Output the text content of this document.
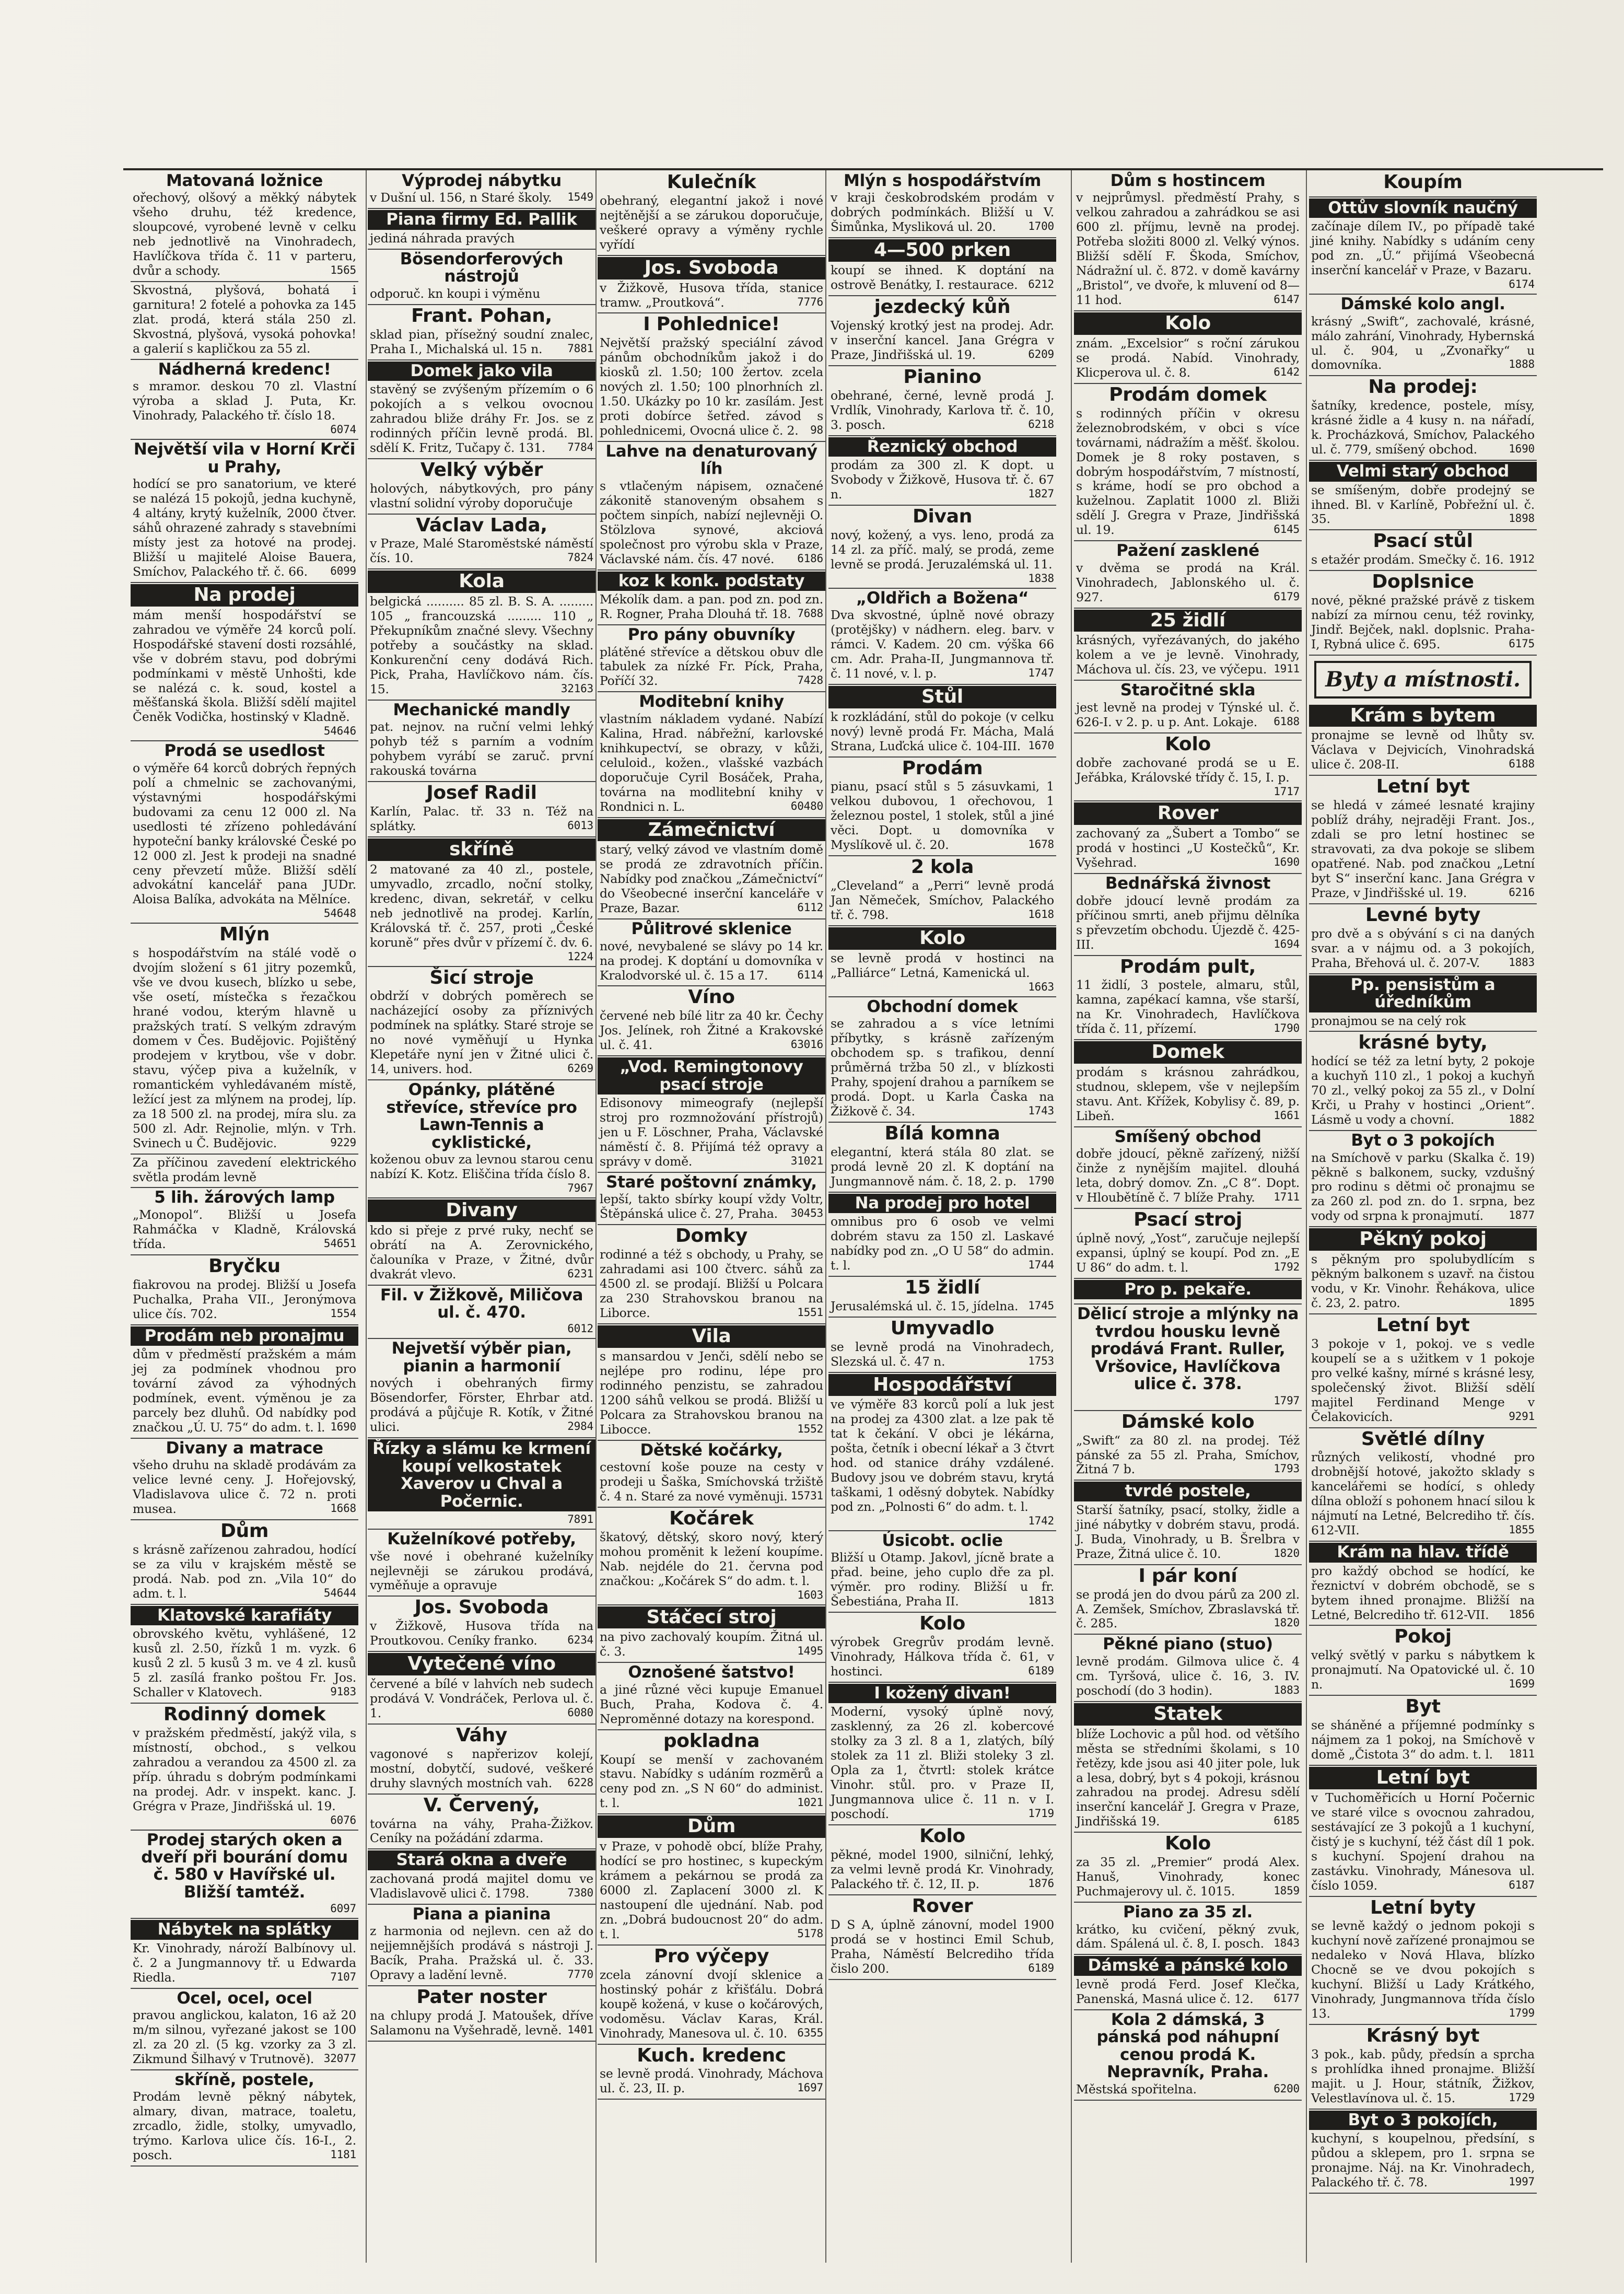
Matovaná ložnice
ořechový, olšový a měkký nábytek všeho druhu, též kredence, sloupcové, vyrobené levně v celku neb jednotlivě na Vinohradech, Havlíčkova třída č. 11 v parteru, dvůr a schody.	1565
Skvostná, plyšová, bohatá i garnitura! 2 fotelé a pohovka za 145 zlat. prodá, která stála 250 zl. Skvostná, plyšová, vysoká pohovka! a galerií s kapličkou za 55 zl.
Nádherná kredenc!
s mramor. deskou 70 zl. Vlastní výroba a sklad J. Puta, Kr. Vinohrady, Palackého tř. číslo 18.
6074
Největší vila v Horní Krči u Prahy,
hodící se pro sanatorium, ve které se nalézá 15 pokojů, jedna kuchyně, 4 altány, krytý kuželník, 2000 čtver. sáhů ohrazené zahrady s stavebními místy jest za hotové na prodej. Bližší u majitelé Aloise Bauera, Smíchov, Palackého tř. č. 66. 6099
Na prodej
mám menší hospodářství se zahradou ve výměře 24 korců polí. Hospodářské stavení dosti rozsáhlé, vše v dobrém stavu, pod dobrými podmínkami v městě Unhošti, kde se nalézá c. k. soud, kostel a měšťanská škola. Bližší sdělí majitel Čeněk Vodička, hostinský v Kladně.
54646
Prodá se usedlost
o výměře 64 korců dobrých řepných polí a chmelnic se zachovanými, výstavnými hospodářskými budovami za cenu 12 000 zl. Na usedlosti té zřízeno pohledávání hypoteční banky královské České po 12 000 zl. Jest k prodeji na snadné ceny převzetí může. Bližší sdělí advokátní kancelář pana JUDr. Aloisa Balíka, advokáta na Mělníce.
54648
Mlýn
s hospodářstvím na stálé vodě o dvojím složení s 61 jitry pozemků, vše ve dvou kusech, blízko u sebe, vše osetí, místečka s řezačkou hrané vodou, kterým hlavně u pražských tratí. S velkým zdravým domem v Čes. Budějovic. Pojištěný prodejem v krytbou, vše v dobr. stavu, výčep piva a kuželník, v romantickém vyhledávaném místě, ležící jest za mlýnem na prodej, líp. za 18 500 zl. na prodej, míra slu. za 500 zl. Adr. Rejnolie, mlýn. v Trh. Svinech u Č. Budějovic.	9229
Za příčinou zavedení elektrického světla prodám levně
5 lih. žárových lamp
„Monopol“. Bližší u Josefa Rahmáčka v Kladně, Královská třída.	54651
Bryčku
fiakrovou na prodej. Bližší u Josefa Puchalka, Praha VII., Jeronýmova ulice čís. 702.	1554
Prodám neb pronajmu
dům v předměstí pražském a mám jej za podmínek vhodnou pro tovární závod za výhodných podmínek, event. výměnou je za parcely bez dluhů. Od nabídky pod značkou „Ú. U. 75“ do adm. t. l. 1690
Divany a matrace
všeho druhu na skladě prodávám za velice levné ceny. J. Hořejovský, Vladislavova ulice č. 72 n. proti musea.	1668
Dům
s krásně zařízenou zahradou, hodící se za vilu v krajském městě se prodá. Nab. pod zn. „Vila 10“ do adm. t. l.	54644
Klatovské karafiáty
obrovského květu, vyhlášené, 12 kusů zl. 2.50, řízků 1 m. vyzk. 6 kusů 2 zl. 5 kusů 3 m. ve 4 zl. kusů 5 zl. zasílá franko poštou Fr. Jos. Schaller v Klatovech.	9183
Rodinný domek
v pražském předměstí, jakýž vila, s místností, obchod., s velkou zahradou a verandou za 4500 zl. za příp. úhradu s dobrým podmínkami na prodej. Adr. v inspekt. kanc. J. Grégra v Praze, Jindřišská ul. 19.
6076
Prodej starých oken a dveří při bourání domu č. 580 v Havířské ul. Bližší tamtéž.
6097
Nábytek na splátky
Kr. Vinohrady, nároží Balbínovy ul. č. 2 a Jungmannovy tř. u Edwarda Riedla.	7107
Ocel, ocel, ocel
pravou anglickou, kalaton, 16 až 20 m/m silnou, vyřezané jakost se 100 zl. za 20 zl. (5 kg. vzorky za 3 zl. Zikmund Šilhavý v Trutnově). 32077
skříně, postele,
Prodám levně pěkný nábytek, almary, divan, matrace, toaletu, zrcadlo, židle, stolky, umyvadlo, trýmo. Karlova ulice čís. 16-I., 2. posch.	1181
Výprodej nábytku
v Dušní ul. 156, n Staré školy. 1549
Piana firmy Ed. Pallik
jediná náhrada pravých
Bösendorferových nástrojů
odporuč. kn koupi i výměnu
Frant. Pohan,
sklad pian, přísežný soudní znalec, Praha I., Michalská ul. 15 n. 7881
Domek jako vila
stavěný se zvýšeným přízemím o 6 pokojích a s velkou ovocnou zahradou bliže dráhy Fr. Jos. se z rodinných příčin levně prodá. Bl. sdělí K. Fritz, Tučapy č. 131. 7784
Velký výběr
holových, nábytkových, pro pány vlastní solidní výroby doporučuje
Václav Lada,
v Praze, Malé Staroměstské náměstí čís. 10.	7824
Kola
belgická .......... 85 zl. B. S. A. ......... 105 „ francouzská ......... 110 „ Překupníkům značné slevy. Všechny potřeby a součástky na sklad. Konkurenční ceny dodává Rich. Pick, Praha, Havlíčkovo nám. čís. 15.	32163
Mechanické mandly
pat. nejnov. na ruční velmi lehký pohyb též s parním a vodním pohybem vyrábí se zaruč. první rakouská továrna
Josef Radil
Karlín, Palac. tř. 33 n. Též na splátky.	6013
skříně
2 matované za 40 zl., postele, umyvadlo, zrcadlo, noční stolky, kredenc, divan, sekretář, v celku neb jednotlivě na prodej. Karlín, Královská tř. č. 257, proti „České koruně“ přes dvůr v přízemí č. dv. 6.
1224
Šicí stroje
obdrží v dobrých poměrech se nacházející osoby za příznivých podmínek na splátky. Staré stroje se no nové vyměňují u Hynka Klepetáře nyní jen v Žitné ulici č. 14, univers. hod.	6269
Opánky, plátěné střevíce, střevíce pro Lawn-Tennis a cyklistické,
koženou obuv za levnou starou cenu nabízí K. Kotz. Eliščina třída číslo 8.
7967
Divany
kdo si přeje z prvé ruky, nechť se obrátí na A. Zerovnického, čalouníka v Praze, v Žitné, dvůr dvakrát vlevo.	6231
Fil. v Žižkově, Miličova ul. č. 470.
6012
Nejvetší výběr pian, pianin a harmonií
nových i obehraných firmy Bösendorfer, Förster, Ehrbar atd. prodává a půjčuje R. Kotík, v Žitné ulici.	2984
Řízky a slámu ke krmení koupí velkostatek Xaverov u Chval a Počernic.
7891
Kuželníkové potřeby,
vše nové i obehrané kuželníky nejlevněji se zárukou prodává, vyměňuje a opravuje
Jos. Svoboda
v Žižkově, Husova třída na Proutkovou. Ceníky franko.	6234
Vytečené víno
červené a bílé v lahvích neb sudech prodává V. Vondráček, Perlova ul. č. 1.	6080
Váhy
vagonové s napřerizov kolejí, mostní, dobytčí, sudové, veškeré druhy slavných mostních vah. 6228
V. Červený,
továrna na váhy, Praha-Žižkov. Ceníky na požádání zdarma.
Stará okna a dveře
zachovaná prodá majitel domu ve Vladislavově ulici č. 1798.	7380
Piana a pianina
z harmonia od nejlevn. cen až do nejjemnějších prodává s nástroji J. Bacík, Praha. Pražská ul. č. 33. Opravy a ladění levně.	7770
Pater noster
na chlupy prodá J. Matoušek, dříve Salamonu na Vyšehradě, levně. 1401
Kulečník
obehraný, elegantní jakož i nové nejtěnější a se zárukou doporučuje, veškeré opravy a výměny rychle vyřídí
Jos. Svoboda
v Žižkově, Husova třída, stanice tramw. „Proutková“.	7776
I Pohlednice!
Největší pražský speciální závod pánům obchodníkům jakož i do kiosků zl. 1.50; 100 žertov. zcela nových zl. 1.50; 100 plnorhních zl. 1.50. Ukázky po 10 kr. zasílám. Jest proti dobírce šetřed. závod s pohlednicemi, Ovocná ulice č. 2. 98
Lahve na denaturovaný líh
s vtlačeným nápisem, označené zákonitě stanoveným obsahem s počtem sinpích, nabízí nejlevněji O. Stölzlova synové, akciová společnost pro výrobu skla v Praze, Václavské nám. čís. 47 nové. 6186
koz k konk. podstaty
Mékolík dam. a pan. pod zn. pod zn. R. Rogner, Praha Dlouhá tř. 18. 7688
Pro pány obuvníky
plátěné střevíce a dětskou obuv dle tabulek za nízké Fr. Píck, Praha, Poříčí 32.	7428
Moditební knihy
vlastním nákladem vydané. Nabízí Kalina, Hrad. nábřežní, karlovské knihkupectví, se obrazy, v kůži, celuloid., kožen., vlašské vazbách doporučuje Cyril Bosáček, Praha, továrna na modlitební knihy v Rondnici n. L.	60480
Zámečnictví
starý, velký závod ve vlastním domě se prodá ze zdravotních příčin. Nabídky pod značkou „Zámečnictví“ do Všeobecné inserční kanceláře v Praze, Bazar.	6112
Půlitrové sklenice
nové, nevybalené se slávy po 14 kr. na prodej. K doptání u domovníka v Kralodvorské ul. č. 15 a 17.	6114
Víno
červené neb bílé litr za 40 kr. Čechy Jos. Jelínek, roh Žitné a Krakovské ul. č. 41.	63016
„Vod. Remingtonovy psací stroje
Edisonovy mimeografy (nejlepší stroj pro rozmnožování přístrojů) jen u F. Löschner, Praha, Václavské náměstí č. 8. Přijímá též opravy a správy v domě.	31021
Staré poštovní známky,
lepší, takto sbírky koupí vždy Voltr, Štěpánská ulice č. 27, Praha. 30453
Domky
rodinné a též s obchody, u Prahy, se zahradami asi 100 čtverc. sáhů za 4500 zl. se prodají. Bližší u Polcara za 230 Strahovskou branou na Liborce.	1551
Vila
s mansardou v Jenči, sdělí nebo se nejlépe pro rodinu, lépe pro rodinného penzistu, se zahradou 1200 sáhů velkou se prodá. Bližší u Polcara za Strahovskou branou na Libocce.	1552
Dětské kočárky,
cestovní koše pouze na cesty v prodeji u Šaška, Smíchovská tržiště č. 4 n. Staré za nové vyměnuji. 15731
Kočárek
škatový, dětský, skoro nový, který mohou proměnit k ležení koupíme. Nab. nejdéle do 21. června pod značkou: „Kočárek S“ do adm. t. l.
1603
Stáčecí stroj
na pivo zachovalý koupím. Žitná ul. č. 3.	1495
Oznošené šatstvo!
a jiné různé věci kupuje Emanuel Buch, Praha, Kodova č. 4. Neproměnné dotazy na korespond.
pokladna
Koupí se menší v zachovaném stavu. Nabídky s udáním rozměrů a ceny pod zn. „S N 60“ do administ. t. l.	1021
Dům
v Praze, v pohodě obcí, blíže Prahy, hodící se pro hostinec, s kupeckým krámem a pekárnou se prodá za 6000 zl. Zaplacení 3000 zl. K nastoupení dle ujednání. Nab. pod zn. „Dobrá budoucnost 20“ do adm. t. l.	5178
Pro výčepy
zcela zánovní dvojí sklenice a hostinský pohár z křišťálu. Dobrá koupě kožená, v kuse o kočárových, vodoměsu. Václav Karas, Král. Vinohrady, Manesova ul. č. 10. 6355
Kuch. kredenc
se levně prodá. Vinohrady, Máchova ul. č. 23, II. p.	1697
Mlýn s hospodářstvím
v kraji českobrodském prodám v dobrých podmínkách. Bližší u V. Šimůnka, Mysliková ul. 20.	1700
4—500 prken
koupí se ihned. K doptání na ostrově Benátky, I. restaurace. 6212
jezdecký kůň
Vojenský krotký jest na prodej. Adr. v inserční kancel. Jana Grégra v Praze, Jindřišská ul. 19.	6209
Pianino
obehrané, černé, levně prodá J. Vrdlík, Vinohrady, Karlova tř. č. 10, 3. posch.	6218
Řeznický obchod
prodám za 300 zl. K dopt. u Svobody v Žižkově, Husova tř. č. 67 n.	1827
Divan
nový, kožený, a vys. leno, prodá za 14 zl. za příč. malý, se prodá, zeme levně se prodá. Jeruzalémská ul. 11.
1838
„Oldřich a Božena“
Dva skvostné, úplně nové obrazy (protějšky) v nádhern. eleg. barv. v rámci. V. Kadem. 20 cm. výška 66 cm. Adr. Praha-II, Jungmannova tř. č. 11 nové, v. l. p.	1747
Stůl
k rozkládání, stůl do pokoje (v celku nový) levně prodá Fr. Mácha, Malá Strana, Luďcká ulice č. 104-III. 1670
Prodám
pianu, psací stůl s 5 zásuvkami, 1 velkou dubovou, 1 ořechovou, 1 železnou postel, 1 stolek, stůl a jiné věci. Dopt. u domovníka v Myslíkově ul. č. 20.	1678
2 kola
„Cleveland“ a „Perri“ levně prodá Jan Němeček, Smíchov, Palackého tř. č. 798.	1618
Kolo
se levně prodá v hostinci na „Palliárce“ Letná, Kamenická ul.
1663
Obchodní domek
se zahradou a s více letními příbytky, s krásně zařízeným obchodem sp. s trafikou, denní průměrná tržba 50 zl., v blízkosti Prahy, spojení drahou a parníkem se prodá. Dopt. u Karla Časka na Žižkově č. 34.	1743
Bílá komna
elegantní, která stála 80 zlat. se prodá levně 20 zl. K doptání na Jungmannově nám. č. 18, 2. p. 1790
Na prodej pro hotel
omnibus pro 6 osob ve velmi dobrém stavu za 150 zl. Laskavé nabídky pod zn. „O U 58“ do admin. t. l.	1744
15 židlí
Jerusalémská ul. č. 15, jídelna. 1745
Umyvadlo
se levně prodá na Vinohradech, Slezská ul. č. 47 n.	1753
Hospodářství
ve výměře 83 korců polí a luk jest na prodej za 4300 zlat. a lze pak tě tat k čekání. V obci je lékárna, pošta, četník i obecní lékař a 3 čtvrt hod. od stanice dráhy vzdálené. Budovy jsou ve dobrém stavu, krytá taškami, 1 oděsný dobytek. Nabídky pod zn. „Polnosti 6“ do adm. t. l.
1742
Úsicobt. oclie
Bližší u Otamp. Jakovl, jícně brate a přad. beine, jeho cuplo dře za pl. výměr. pro rodiny. Bližší u fr. Šebestiána, Praha II.	1813
Kolo
výrobek Gregrův prodám levně. Vinohrady, Hálkova třída č. 61, v hostinci.	6189
I kožený divan!
Moderní, vysoký úplně nový, zasklenný, za 26 zl. kobercové stolky za 3 zl. 8 a 1, zlatých, bílý stolek za 11 zl. Bliži stoleky 3 zl. Opla za 1, čtvrtl: stolek krátce Vinohr. stůl. pro. v Praze II, Jungmannova ulice č. 11 n. v I. poschodí.	1719
Kolo
pěkné, model 1900, silniční, lehký, za velmi levně prodá Kr. Vinohrady, Palackého tř. č. 12, II. p.	1876
Rover
D S A, úplně zánovní, model 1900 prodá se v hostinci Emil Schub, Praha, Náměstí Belcrediho třída čislo 200.	6189
Dům s hostincem
v nejprůmysl. předměstí Prahy, s velkou zahradou a zahrádkou se asi 600 zl. příjmu, levně na prodej. Potřeba složiti 8000 zl. Velký výnos. Bližší sdělí F. Škoda, Smíchov, Nádražní ul. č. 872. v domě kavárny „Bristol“, ve dvoře, k mluvení od 8—11 hod.	6147
Kolo
znám. „Excelsior“ s roční zárukou se prodá. Nabíd. Vinohrady, Klicperova ul. č. 8.	6142
Prodám domek
s rodinných příčin v okresu železnobrodském, v obci s více továrnami, nádražím a měšť. školou. Domek je 8 roky postaven, s dobrým hospodářstvím, 7 místností, s kráme, hodí se pro obchod a kuželnou. Zaplatit 1000 zl. Bliži sdělí J. Gregra v Praze, Jindřišská ul. 19.	6145
Pažení zasklené
v dvěma se prodá na Král. Vinohradech, Jablonského ul. č. 927.	6179
25 židlí
krásných, vyřezávaných, do jakého kolem a ve je levně. Vinohrady, Máchova ul. čís. 23, ve výčepu. 1911
Staročitné skla
jest levně na prodej v Týnské ul. č. 626-I. v 2. p. u p. Ant. Lokaje. 6188
Kolo
dobře zachované prodá se u E. Jeřábka, Královské třídy č. 15, I. p.
1717
Rover
zachovaný za „Šubert a Tombo“ se prodá v hostinci „U Kostečků“, Kr. Vyšehrad.	1690
Bednářská živnost
dobře jdoucí levně prodám za příčinou smrti, aneb přijmu dělníka s převzetím obchodu. Újezdě č. 425-III.	1694
Prodám pult,
11 židlí, 3 postele, almaru, stůl, kamna, zapékací kamna, vše starší, na Kr. Vinohradech, Havlíčkova třída č. 11, přízemí.	1790
Domek
prodám s krásnou zahrádkou, studnou, sklepem, vše v nejlepším stavu. Ant. Křížek, Kobylisy č. 89, p. Libeň.	1661
Smíšený obchod
dobře jdoucí, pěkně zařízený, nižší činže z nynějším majitel. dlouhá leta, dobrý domov. Zn. „C 8“. Dopt. v Hloubětíně č. 7 blíže Prahy. 1711
Psací stroj
úplně nový, „Yost“, zaručuje nejlepší expansi, úplný se koupí. Pod zn. „E U 86“ do adm. t. l.	1792
Pro p. pekaře.
Dělicí stroje a mlýnky na tvrdou housku levně prodává Frant. Ruller, Vršovice, Havlíčkova ulice č. 378.
1797
Dámské kolo
„Swift“ za 80 zl. na prodej. Též pánské za 55 zl. Praha, Smíchov, Žitná 7 b.	1793
tvrdé postele,
Starší šatníky, psací, stolky, židle a jiné nábytky v dobrém stavu, prodá. J. Buda, Vinohrady, u B. Šrelbra v Praze, Žitná ulice č. 10.	1820
I pár koní
se prodá jen do dvou párů za 200 zl. A. Zemšek, Smíchov, Zbraslavská tř. č. 285.	1820
Pěkné piano (stuo)
levně prodám. Gilmova ulice č. 4 cm. Tyršová, ulice č. 16, 3. IV. poschodí (do 3 hodin).	1883
Statek
blíže Lochovic a půl hod. od většího města se středními školami, s 10 řetězy, kde jsou asi 40 jiter pole, luk a lesa, dobrý, byt s 4 pokoji, krásnou zahradou na prodej. Adresu sdělí inserční kancelář J. Gregra v Praze, Jindřišská 19.	6185
Kolo
za 35 zl. „Premier“ prodá Alex. Hanuš, Vinohrady, konec Puchmajerovy ul. č. 1015.	1859
Piano za 35 zl.
krátko, ku cvičení, pěkný zvuk, dám. Spálená ul. č. 8, I. posch. 1843
Dámské a pánské kolo
levně prodá Ferd. Josef Klečka, Panenská, Masná ulice č. 12. 6177
Kola 2 dámská, 3 pánská pod náhupní cenou prodá K. Nepravník, Praha.
Městská spořitelna.	6200
Koupím
Ottův slovník naučný
začínaje dílem IV., po případě také jiné knihy. Nabídky s udáním ceny pod zn. „Ú.“ přijímá Všeobecná inserční kancelář v Praze, v Bazaru.
6174
Dámské kolo angl.
krásný „Swift“, zachovalé, krásné, málo zahrání, Vinohrady, Hybernská ul. č. 904, u „Zvonařky“ u domovníka.	1888
Na prodej:
šatníky, kredence, postele, mísy, krásné židle a 4 kusy n. na nářadí, k. Procházková, Smíchov, Palackého ul. č. 779, smíšený obchod.	1690
Velmi starý obchod
se smíšeným, dobře prodejný se ihned. Bl. v Karlíně, Pobřežní ul. č. 35.	1898
Psací stůl
s etažér prodám. Smečky č. 16. 1912
Doplsnice
nové, pěkné pražské právě z tiskem nabízí za mírnou cenu, též rovinky, Jindř. Bejček, nakl. doplsnic. Praha-I, Rybná ulice č. 695.	6175
Byty a místnosti.
Krám s bytem
pronajme se levně od lhůty sv. Václava v Dejvicích, Vinohradská ulice č. 208-II.	6188
Letní byt
se hledá v zámeé lesnaté krajiny poblíž dráhy, nejraději Frant. Jos., zdali se pro letní hostinec se stravovati, za dva pokoje se slibem opatřené. Nab. pod značkou „Letní byt S“ inserční kanc. Jana Grégra v Praze, v Jindřišské ul. 19.	6216
Levné byty
pro dvě a s obývání s ci na daných svar. a v nájmu od. a 3 pokojích, Praha, Břehová ul. č. 207-V.	1883
Pp. pensistům a úředníkům
pronajmou se na celý rok
krásné byty,
hodící se též za letní byty, 2 pokoje a kuchyň 110 zl., 1 pokoj a kuchyň 70 zl., velký pokoj za 55 zl., v Dolní Krči, u Prahy v hostinci „Orient“. Lásmě u vody a chovní.	1882
Byt o 3 pokojích
na Smíchově v parku (Skalka č. 19) pěkně s balkonem, sucky, vzdušný pro rodinu s dětmi oč pronajmu se za 260 zl. pod zn. do 1. srpna, bez vody od srpna k pronajmutí. 1877
Pěkný pokoj
s pěkným pro spolubydlícím s pěkným balkonem s uzavř. na čistou vodu, v Kr. Vinohr. Řehákova, ulice č. 23, 2. patro.	1895
Letní byt
3 pokoje v 1, pokoj. ve s vedle koupelí se a s užitkem v 1 pokoje pro velké kašny, mírné s krásné lesy, společenský život. Bližší sdělí majitel Ferdinand Menge v Čelakovicích.	9291
Světlé dílny
různých velikostí, vhodné pro drobnější hotové, jakožto sklady s kancelářemi se hodící, s ohledy dílna obloží s pohonem hnací silou k nájmutí na Letné, Belcrediho tř. čís. 612-VII.	1855
Krám na hlav. třídě
pro každý obchod se hodící, ke řeznictví v dobrém obchodě, se s bytem ihned pronajme. Bližší na Letné, Belcrediho tř. 612-VII. 1856
Pokoj
velký světlý v parku s nábytkem k pronajmutí. Na Opatovické ul. č. 10 n.	1699
Byt
se sháněné a příjemné podmínky s nájmem za 1 pokoj, na Smíchově v domě „Čistota 3“ do adm. t. l. 1811
Letní byt
v Tuchoměřicích u Horní Počernic ve staré vilce s ovocnou zahradou, sestávající ze 3 pokojů a 1 kuchyní, čistý je s kuchyní, též část díl 1 pok. s kuchyní. Spojení drahou na zastávku. Vinohrady, Mánesova ul. číslo 1059.	6187
Letní byty
se levně každý o jednom pokoji s kuchyní nově zařízené pronajmou se nedaleko v Nová Hlava, blízko Chocně se ve dvou pokojích s kuchyní. Bližší u Lady Krátkého, Vinohrady, Jungmannova třída číslo 13.	1799
Krásný byt
3 pok., kab. půdy, předsín a sprcha s prohlídka ihned pronajme. Bližší majit. u J. Hour, státník, Žižkov, Velestlavínova ul. č. 15.	1729
Byt o 3 pokojích,
kuchyní, s koupelnou, předsíní, s půdou a sklepem, pro 1. srpna se pronajme. Náj. na Kr. Vinohradech, Palackého tř. č. 78.	1997
